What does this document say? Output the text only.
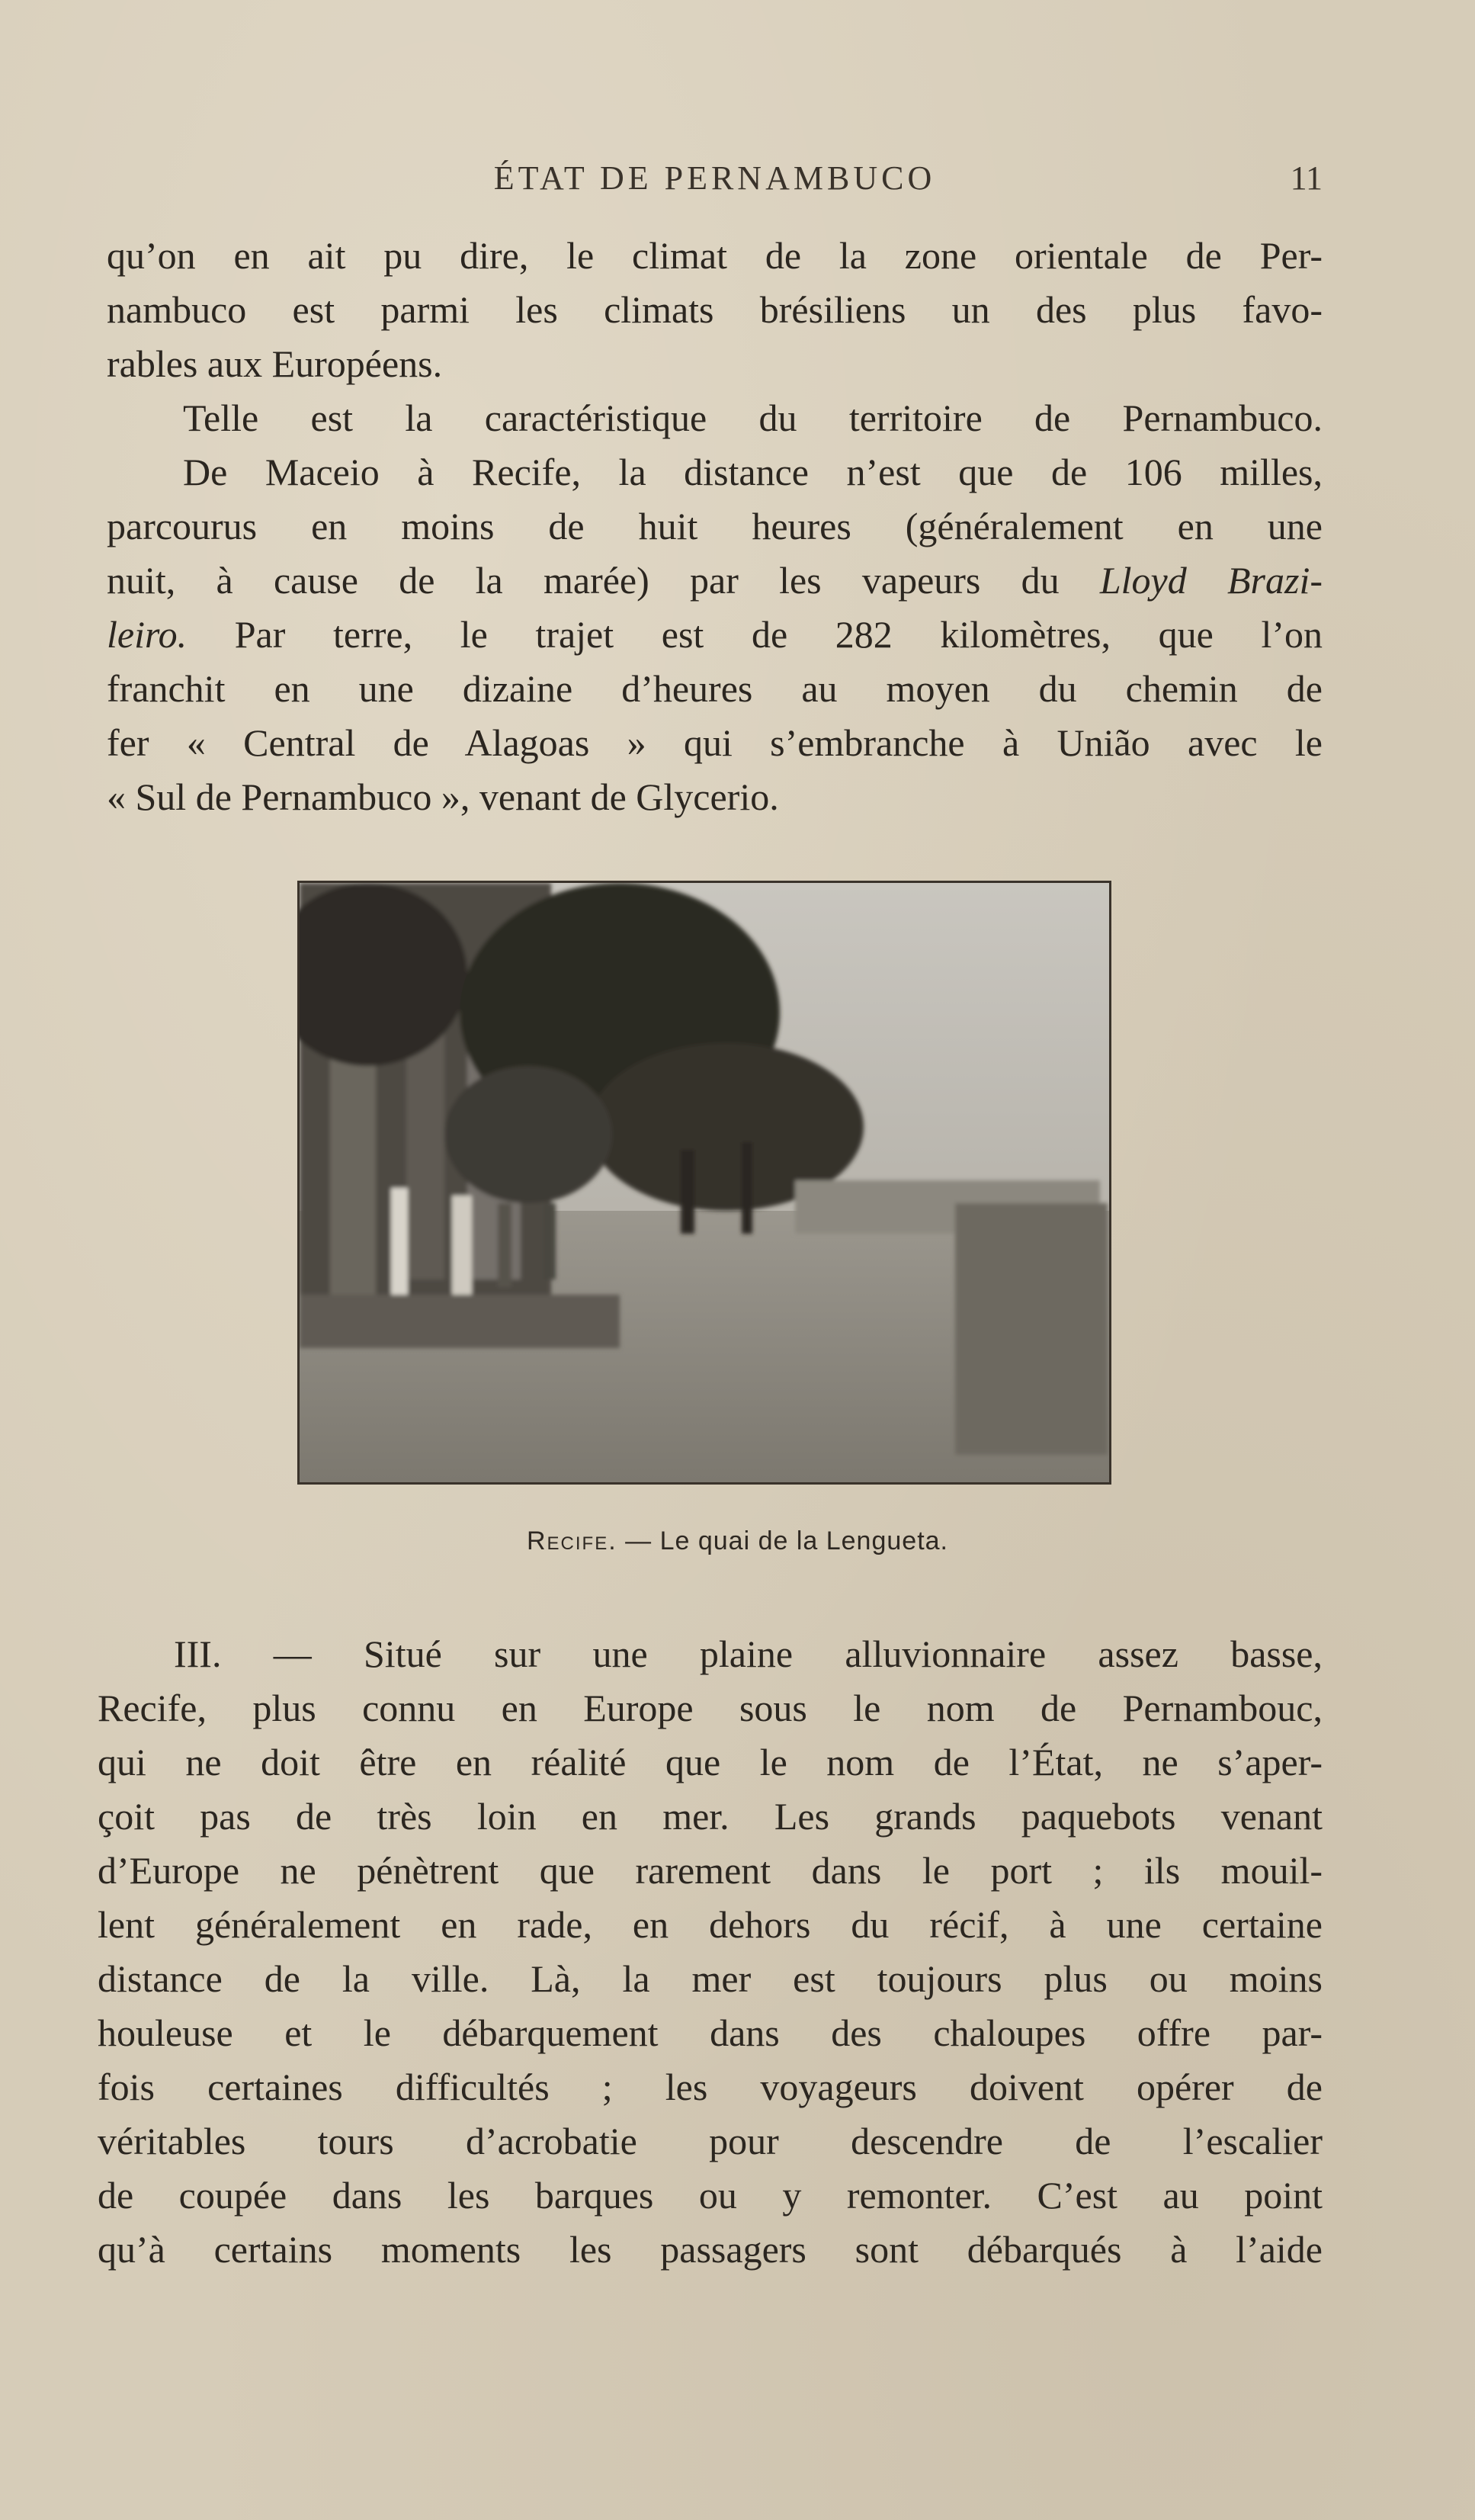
ÉTAT DE PERNAMBUCO	11
qu’on en ait pu dire, le climat de la zone orientale de Per-
nambuco est parmi les climats brésiliens un des plus favo-
rables aux Européens.
Telle est la caractéristique du territoire de Pernambuco.
De Maceio à Recife, la distance n’est que de 106 milles,
parcourus en moins de huit heures (généralement en une
nuit, à cause de la marée) par les vapeurs du Lloyd Brazi-
leiro. Par terre, le trajet est de 282 kilomètres, que l’on
franchit en une dizaine d’heures au moyen du chemin de
fer « Central de Alagoas » qui s’embranche à União avec le
« Sul de Pernambuco », venant de Glycerio.
Recife. — Le quai de la Lengueta.
III. — Situé sur une plaine alluvionnaire assez basse,
Recife, plus connu en Europe sous le nom de Pernambouc,
qui ne doit être en réalité que le nom de l’État, ne s’aper-
çoit pas de très loin en mer. Les grands paquebots venant
d’Europe ne pénètrent que rarement dans le port ; ils mouil-
lent généralement en rade, en dehors du récif, à une certaine
distance de la ville. Là, la mer est toujours plus ou moins
houleuse et le débarquement dans des chaloupes offre par-
fois certaines difficultés ; les voyageurs doivent opérer de
véritables tours d’acrobatie pour descendre de l’escalier
de coupée dans les barques ou y remonter. C’est au point
qu’à certains moments les passagers sont débarqués à l’aide
